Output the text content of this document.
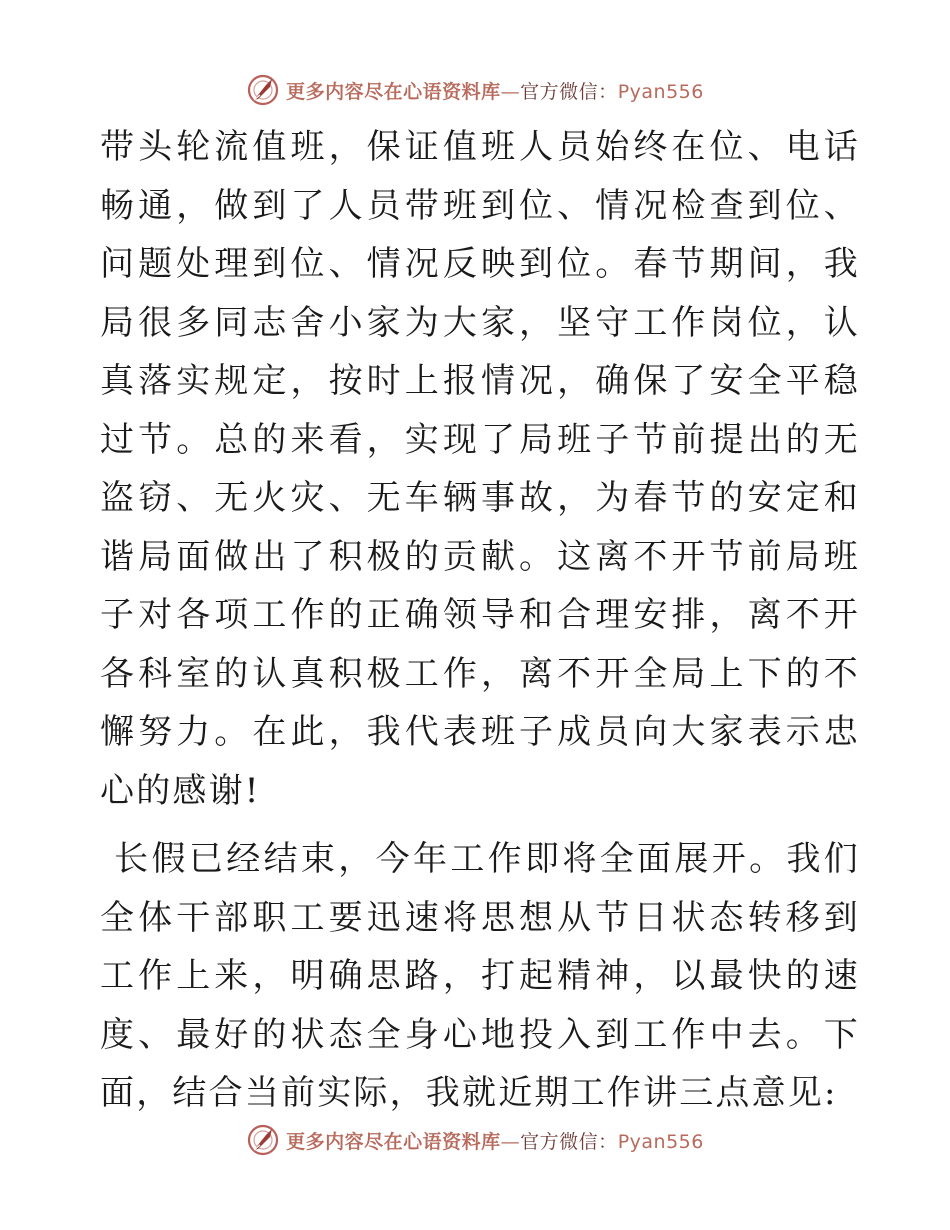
更多内容尽在心语资料库—官方微信：Pyan556

带头轮流值班，保证值班人员始终在位、电话畅通，做到了人员带班到位、情况检查到位、问题处理到位、情况反映到位。春节期间，我局很多同志舍小家为大家，坚守工作岗位，认真落实规定，按时上报情况，确保了安全平稳过节。总的来看，实现了局班子节前提出的无盗窃、无火灾、无车辆事故，为春节的安定和谐局面做出了积极的贡献。这离不开节前局班子对各项工作的正确领导和合理安排，离不开各科室的认真积极工作，离不开全局上下的不懈努力。在此，我代表班子成员向大家表示忠心的感谢!

长假已经结束，今年工作即将全面展开。我们全体干部职工要迅速将思想从节日状态转移到工作上来，明确思路，打起精神，以最快的速度、最好的状态全身心地投入到工作中去。下面，结合当前实际，我就近期工作讲三点意见:

更多内容尽在心语资料库—官方微信：Pyan556
